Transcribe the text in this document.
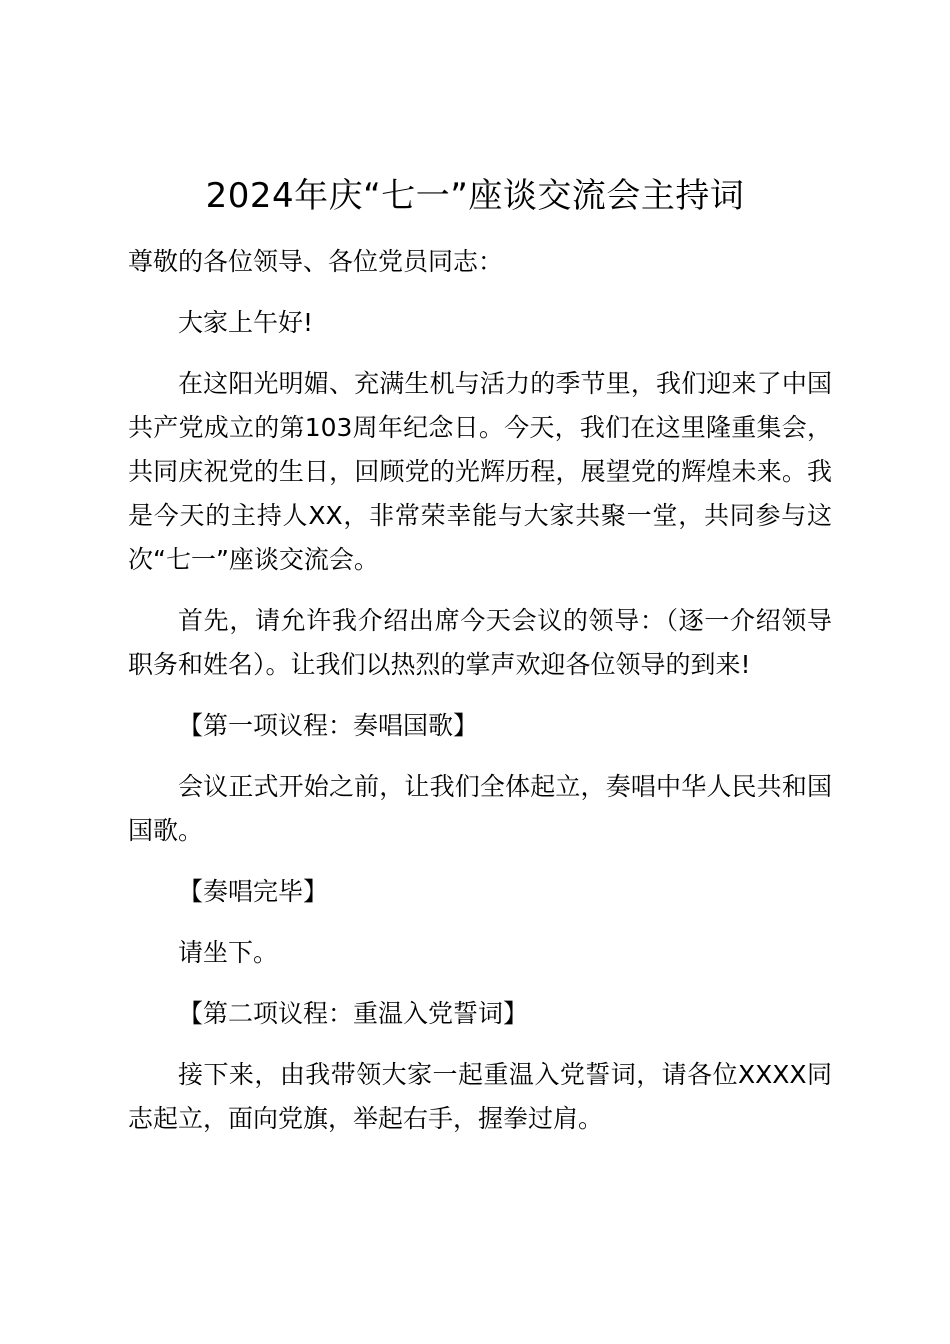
2024年庆“七一”座谈交流会主持词

尊敬的各位领导、各位党员同志：

大家上午好!

在这阳光明媚、充满生机与活力的季节里，我们迎来了中国共产党成立的第103周年纪念日。今天，我们在这里隆重集会，共同庆祝党的生日，回顾党的光辉历程，展望党的辉煌未来。我是今天的主持人XX，非常荣幸能与大家共聚一堂，共同参与这次“七一”座谈交流会。

首先，请允许我介绍出席今天会议的领导：（逐一介绍领导职务和姓名）。让我们以热烈的掌声欢迎各位领导的到来!

【第一项议程：奏唱国歌】

会议正式开始之前，让我们全体起立，奏唱中华人民共和国国歌。

【奏唱完毕】

请坐下。

【第二项议程：重温入党誓词】

接下来，由我带领大家一起重温入党誓词，请各位XXXX同志起立，面向党旗，举起右手，握拳过肩。
